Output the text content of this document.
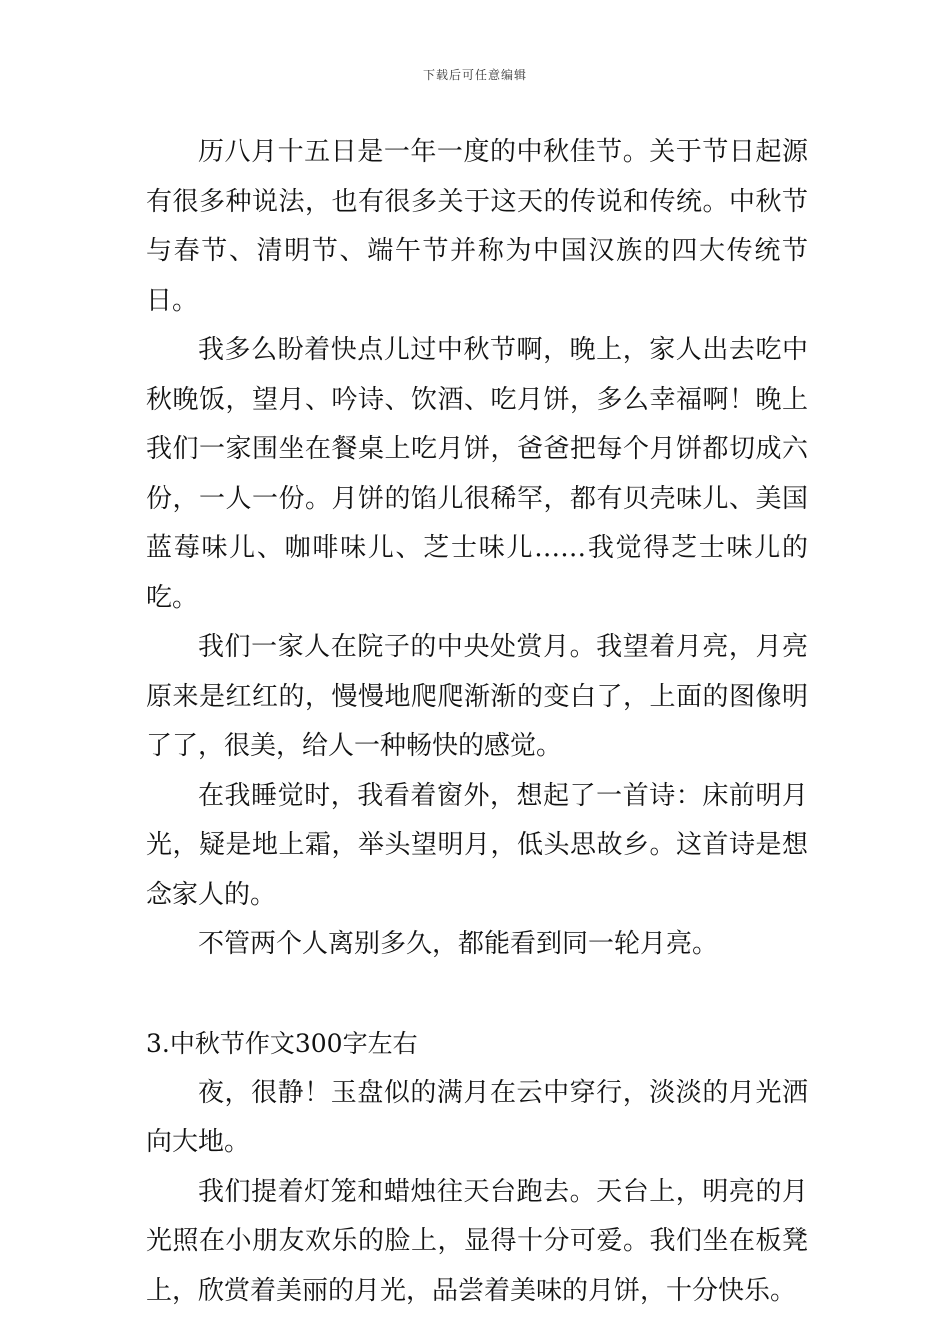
下载后可任意编辑

历八月十五日是一年一度的中秋佳节。关于节日起源有很多种说法，也有很多关于这天的传说和传统。中秋节与春节、清明节、端午节并称为中国汉族的四大传统节日。

我多么盼着快点儿过中秋节啊，晚上，家人出去吃中秋晚饭，望月、吟诗、饮酒、吃月饼，多么幸福啊！晚上我们一家围坐在餐桌上吃月饼，爸爸把每个月饼都切成六份，一人一份。月饼的馅儿很稀罕，都有贝壳味儿、美国蓝莓味儿、咖啡味儿、芝士味儿……我觉得芝士味儿的吃。

我们一家人在院子的中央处赏月。我望着月亮，月亮原来是红红的，慢慢地爬爬渐渐的变白了，上面的图像明了了，很美，给人一种畅快的感觉。

在我睡觉时，我看着窗外，想起了一首诗：床前明月光，疑是地上霜，举头望明月，低头思故乡。这首诗是想念家人的。

不管两个人离别多久，都能看到同一轮月亮。

3.中秋节作文300字左右

夜，很静！玉盘似的满月在云中穿行，淡淡的月光洒向大地。

我们提着灯笼和蜡烛往天台跑去。天台上，明亮的月光照在小朋友欢乐的脸上，显得十分可爱。我们坐在板凳上，欣赏着美丽的月光，品尝着美味的月饼，十分快乐。
